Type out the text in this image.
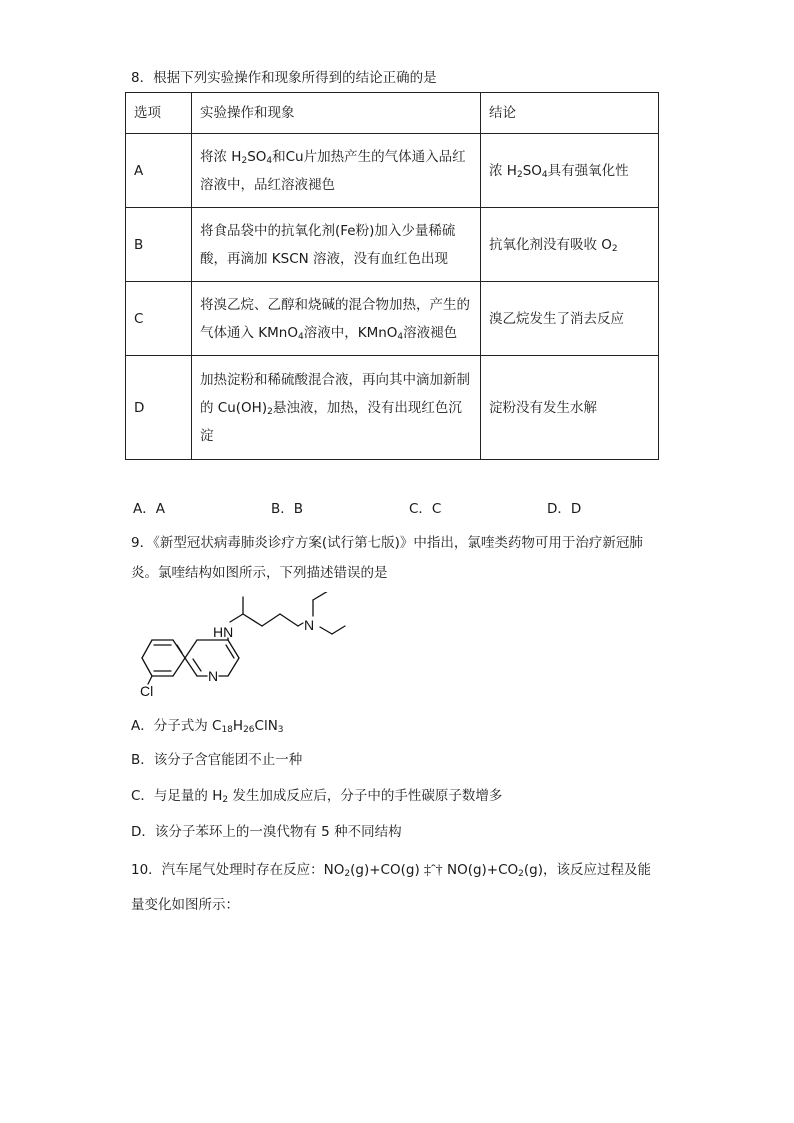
8．根据下列实验操作和现象所得到的结论正确的是
选项	实验操作和现象	结论
A	将浓 $H_2SO_4$和Cu片加热产生的气体通入品红
溶液中，品红溶液褪色	浓 $H_2SO_4$具有强氧化性
B	将食品袋中的抗氧化剂(Fe粉)加入少量稀硫
酸，再滴加 KSCN 溶液，没有血红色出现	抗氧化剂没有吸收 $O_2$
C	将溴乙烷、乙醇和烧碱的混合物加热，产生的
气体通入 KMnO$_4$溶液中，KMnO$_4$溶液褪色	溴乙烷发生了消去反应
D	加热淀粉和稀硫酸混合液，再向其中滴加新制
的 $Cu(OH)_2$悬浊液，加热，没有出现红色沉
淀	淀粉没有发生水解
A．A	B．B	C．C	D．D
9．《新型冠状病毒肺炎诊疗方案(试行第七版)》中指出，氯喹类药物可用于治疗新冠肺
炎。氯喹结构如图所示，下列描述错误的是
HN	N
Cl
N
A．分子式为 $C_{18}H_{26}ClN_3$
B．该分子含官能团不止一种
C．与足量的 $H_2$ 发生加成反应后，分子中的手性碳原子数增多
D．该分子苯环上的一溴代物有 5 种不同结构
10．汽车尾气处理时存在反应：$NO_2(g)+CO(g)$ ‡ˆ† $NO(g)+CO_2(g)$，该反应过程及能
量变化如图所示：
